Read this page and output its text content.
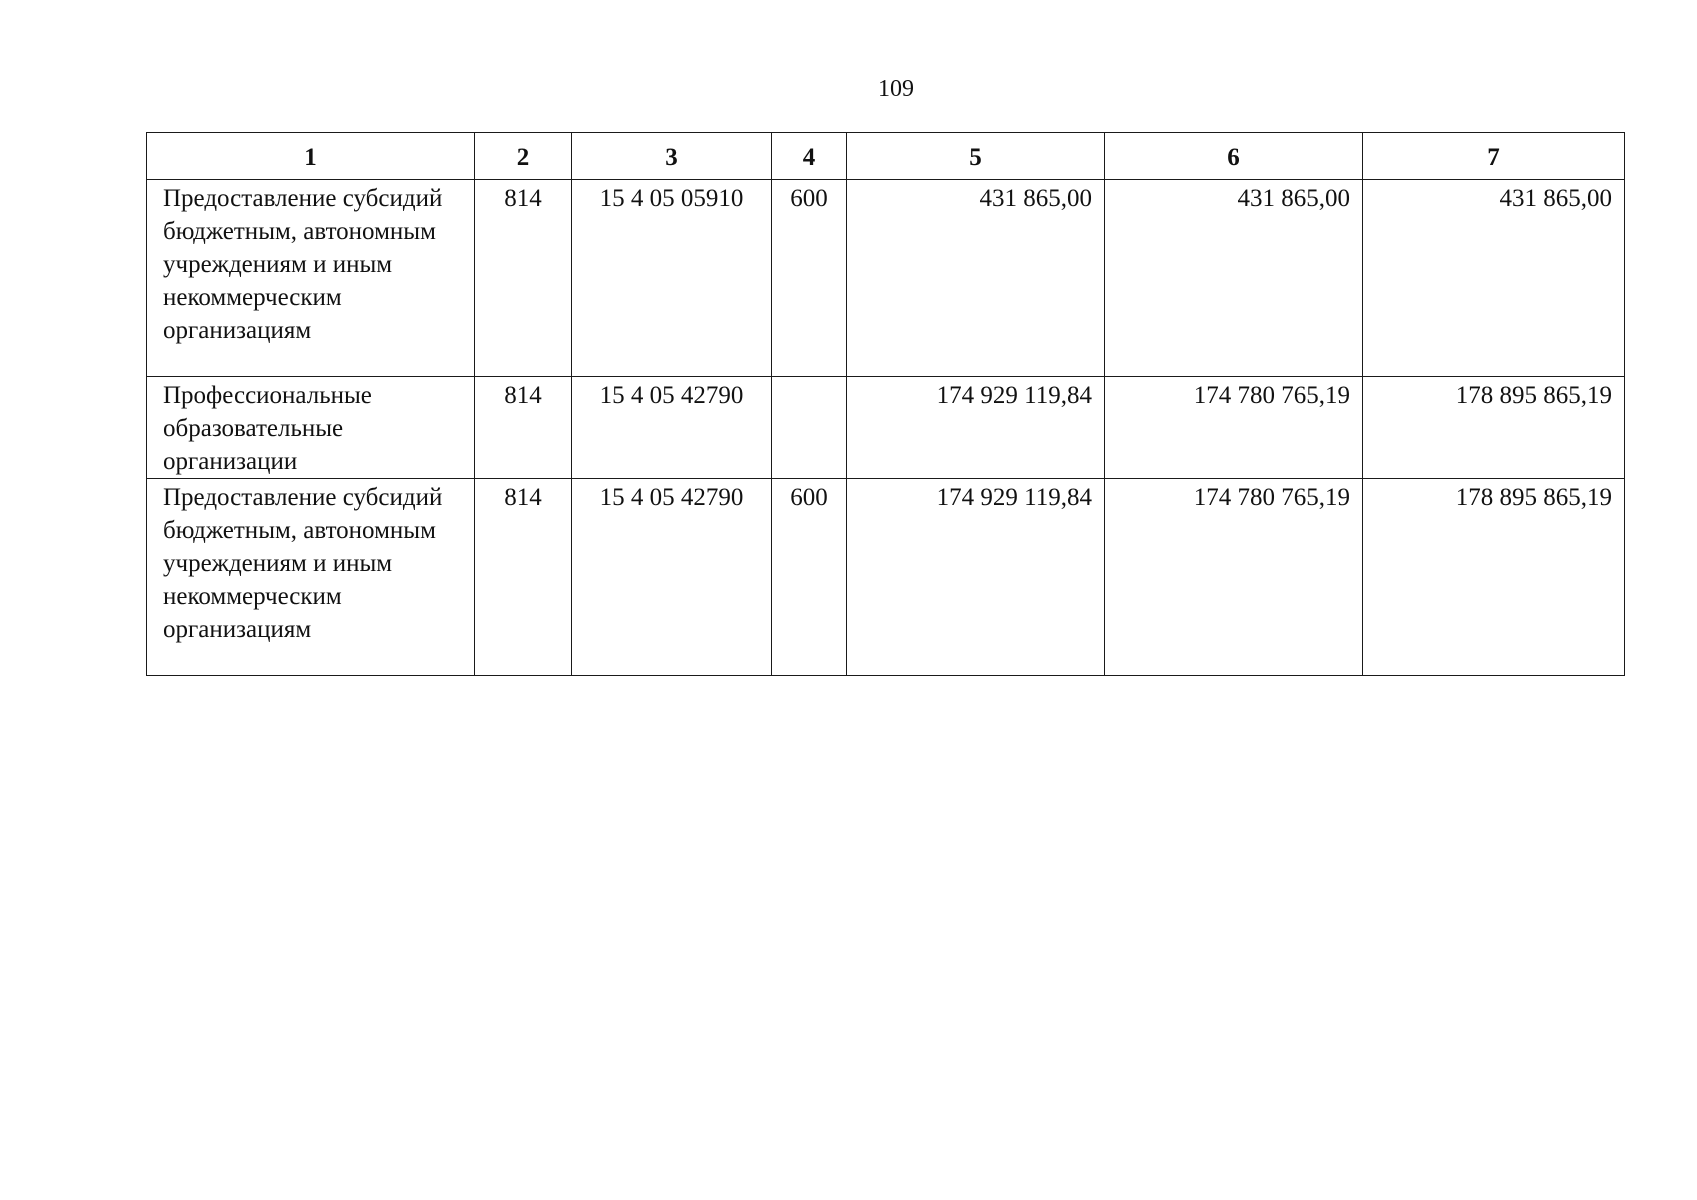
109
1	2	3	4	5	6	7
Предоставление субсидий бюджетным, автономным учреждениям и иным некоммерческим организациям	814	15 4 05 05910	600	431 865,00	431 865,00	431 865,00
Профессиональные образовательные организации	814	15 4 05 42790		174 929 119,84	174 780 765,19	178 895 865,19
Предоставление субсидий бюджетным, автономным учреждениям и иным некоммерческим организациям	814	15 4 05 42790	600	174 929 119,84	174 780 765,19	178 895 865,19
